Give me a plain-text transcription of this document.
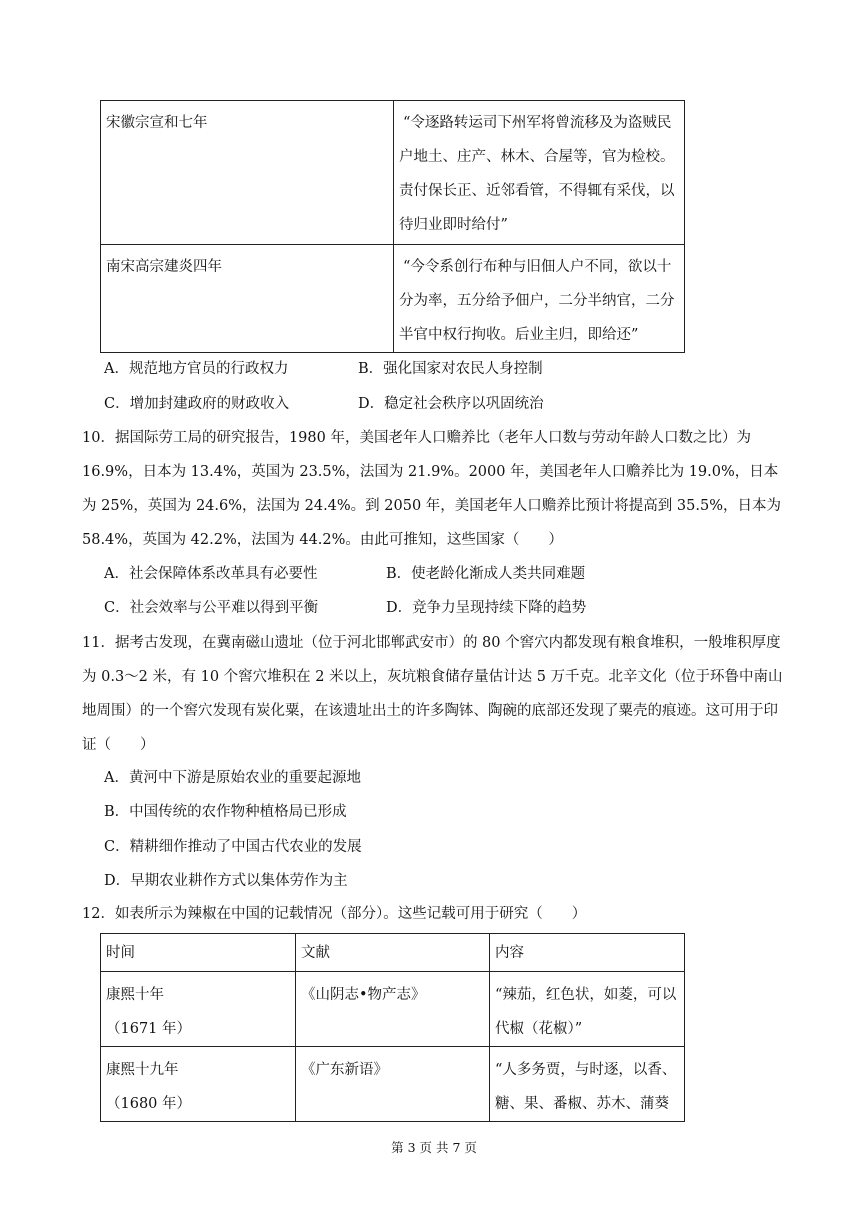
宋徽宗宣和七年	“令逐路转运司下州军将曾流移及为盗贼民户地土、庄产、林木、合屋等，官为检校。责付保长正、近邻看管，不得辄有采伐，以待归业即时给付”

南宋高宗建炎四年	“今令系创行布种与旧佃人户不同，欲以十分为率，五分给予佃户，二分半纳官，二分半官中权行拘收。后业主归，即给还”
A．规范地方官员的行政权力	B．强化国家对农民人身控制
C．增加封建政府的财政收入	D．稳定社会秩序以巩固统治
10．据国际劳工局的研究报告，1980 年，美国老年人口赡养比（老年人口数与劳动年龄人口数之比）为 16.9%，日本为 13.4%，英国为 23.5%，法国为 21.9%。2000 年，美国老年人口赡养比为 19.0%，日本为 25%，英国为 24.6%，法国为 24.4%。到 2050 年，美国老年人口赡养比预计将提高到 35.5%，日本为 58.4%，英国为 42.2%，法国为 44.2%。由此可推知，这些国家（　　）
A．社会保障体系改革具有必要性	B．使老龄化渐成人类共同难题
C．社会效率与公平难以得到平衡	D．竞争力呈现持续下降的趋势
11．据考古发现，在冀南磁山遗址（位于河北邯郸武安市）的 80 个窖穴内都发现有粮食堆积，一般堆积厚度为 0.3～2 米，有 10 个窖穴堆积在 2 米以上，灰坑粮食储存量估计达 5 万千克。北辛文化（位于环鲁中南山地周围）的一个窖穴发现有炭化粟，在该遗址出土的许多陶钵、陶碗的底部还发现了粟壳的痕迹。这可用于印证（　　）
A．黄河中下游是原始农业的重要起源地
B．中国传统的农作物种植格局已形成
C．精耕细作推动了中国古代农业的发展
D．早期农业耕作方式以集体劳作为主
12．如表所示为辣椒在中国的记载情况（部分）。这些记载可用于研究（　　）
时间	文献	内容

康熙十年
（1671 年）	《山阴志•物产志》	“辣茄，红色状，如菱，可以代椒（花椒）”

康熙十九年
（1680 年）	《广东新语》	“人多务贾，与时逐，以香、糖、果、番椒、苏木、蒲葵
第 3 页 共 7 页
